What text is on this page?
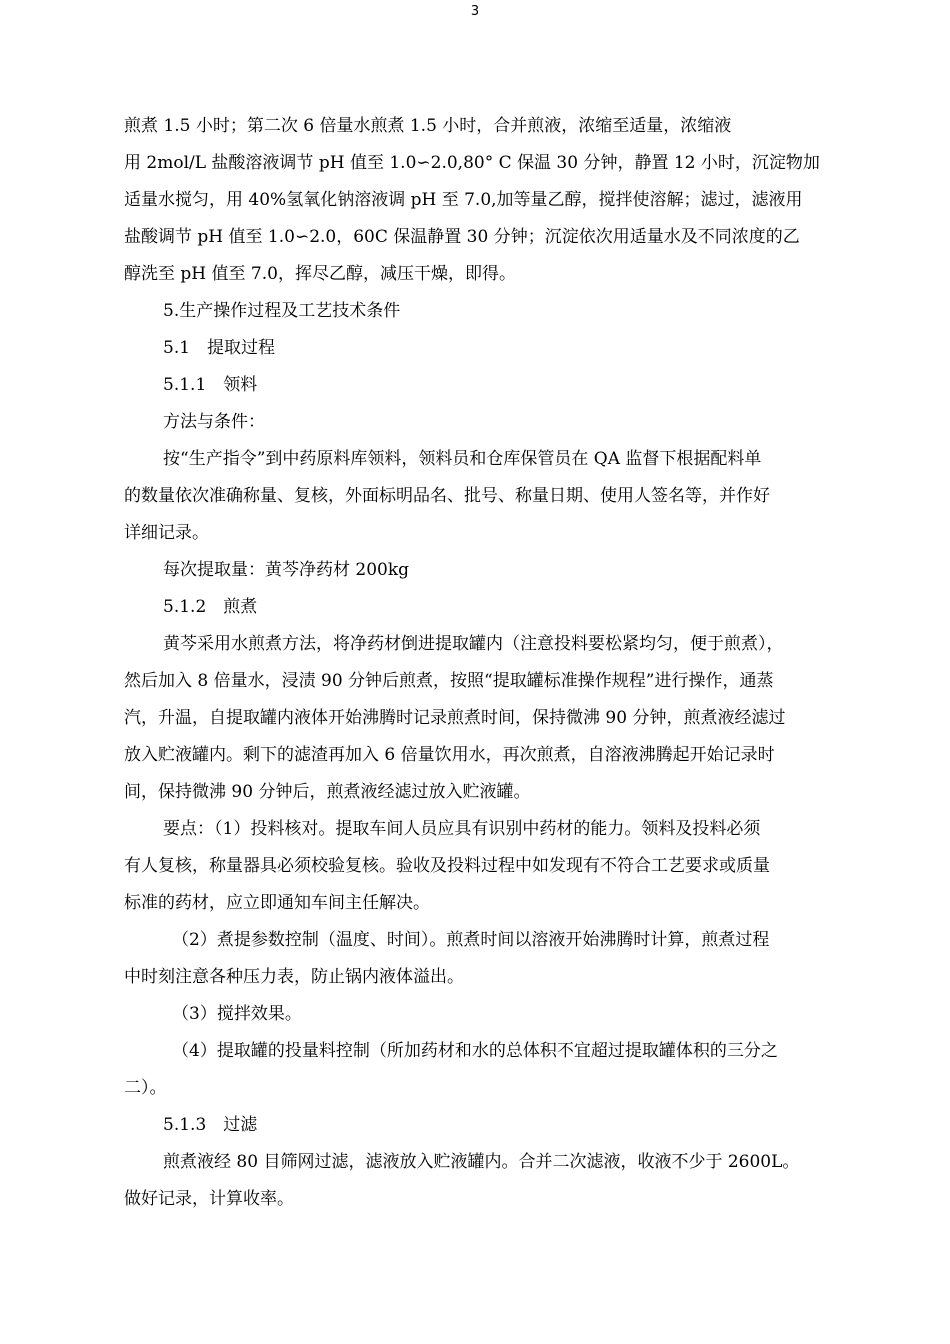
3

煎煮 1.5 小时；第二次 6 倍量水煎煮 1.5 小时，合并煎液，浓缩至适量，浓缩液

用 2mol/L 盐酸溶液调节 pH 值至 1.0∽2.0,80° C 保温 30 分钟，静置 12 小时，沉淀物加

适量水搅匀，用 40%氢氧化钠溶液调 pH 至 7.0,加等量乙醇，搅拌使溶解；滤过，滤液用

盐酸调节 pH 值至 1.0∽2.0，60C 保温静置 30 分钟；沉淀依次用适量水及不同浓度的乙

醇洗至 pH 值至 7.0，挥尽乙醇，减压干燥，即得。

5.生产操作过程及工艺技术条件

5.1　提取过程

5.1.1　领料

方法与条件：

按“生产指令”到中药原料库领料，领料员和仓库保管员在 QA 监督下根据配料单

的数量依次准确称量、复核，外面标明品名、批号、称量日期、使用人签名等，并作好

详细记录。

每次提取量：黄芩净药材 200kg

5.1.2　煎煮

黄芩采用水煎煮方法，将净药材倒进提取罐内（注意投料要松紧均匀，便于煎煮），

然后加入 8 倍量水，浸渍 90 分钟后煎煮，按照“提取罐标准操作规程”进行操作，通蒸

汽，升温，自提取罐内液体开始沸腾时记录煎煮时间，保持微沸 90 分钟，煎煮液经滤过

放入贮液罐内。剩下的滤渣再加入 6 倍量饮用水，再次煎煮，自溶液沸腾起开始记录时

间，保持微沸 90 分钟后，煎煮液经滤过放入贮液罐。

要点：（1）投料核对。提取车间人员应具有识别中药材的能力。领料及投料必须

有人复核，称量器具必须校验复核。验收及投料过程中如发现有不符合工艺要求或质量

标准的药材，应立即通知车间主任解决。

（2）煮提参数控制（温度、时间）。煎煮时间以溶液开始沸腾时计算，煎煮过程

中时刻注意各种压力表，防止锅内液体溢出。

（3）搅拌效果。

（4）提取罐的投量料控制（所加药材和水的总体积不宜超过提取罐体积的三分之

二）。

5.1.3　过滤

煎煮液经 80 目筛网过滤，滤液放入贮液罐内。合并二次滤液，收液不少于 2600L。

做好记录，计算收率。
